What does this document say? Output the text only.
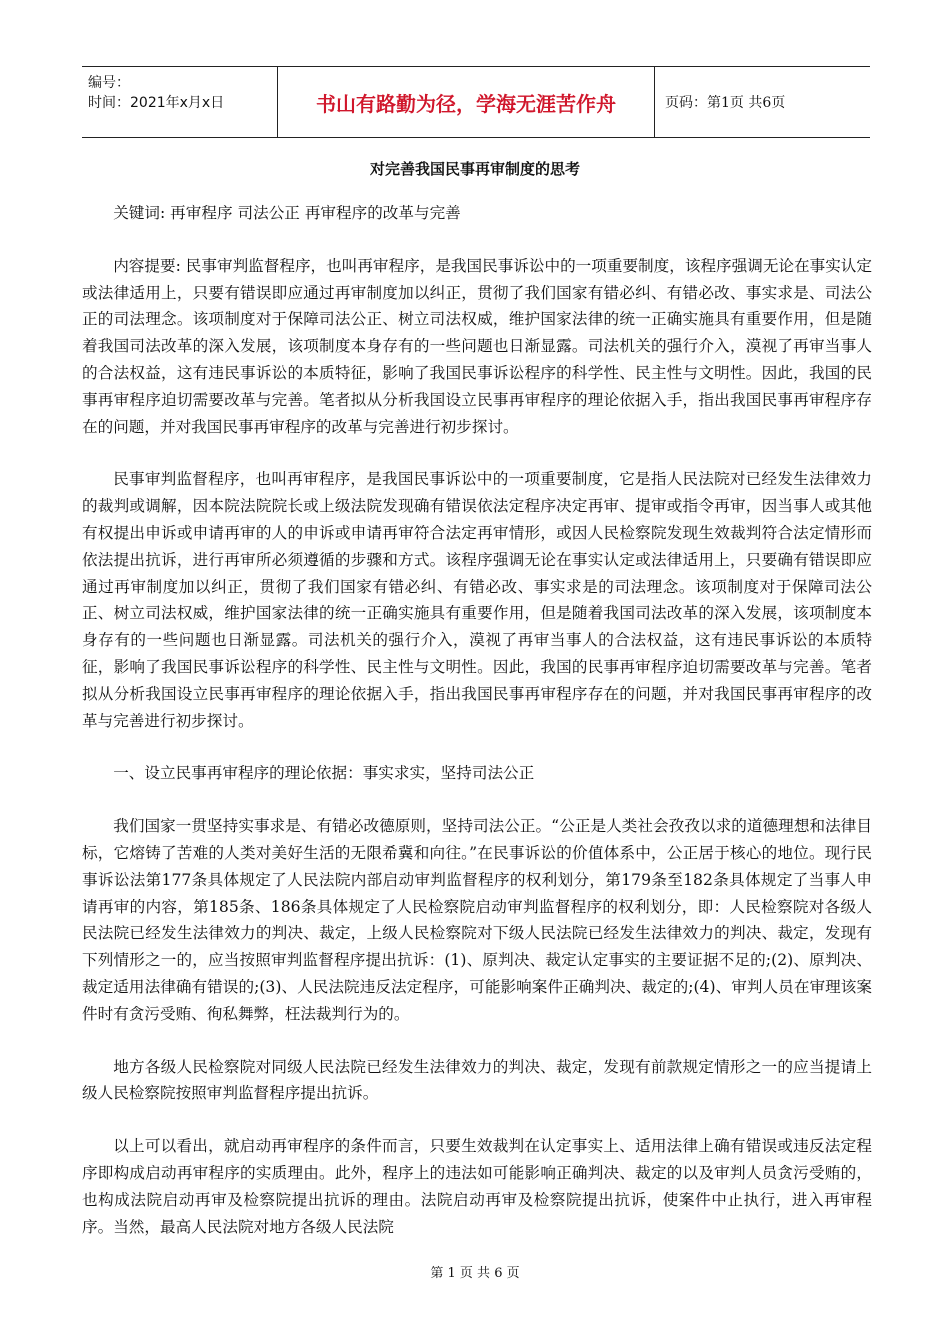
编号：
时间：2021年x月x日	书山有路勤为径，学海无涯苦作舟	页码：第1页 共6页
对完善我国民事再审制度的思考

关键词: 再审程序 司法公正 再审程序的改革与完善

内容提要: 民事审判监督程序，也叫再审程序，是我国民事诉讼中的一项重要制度，该程序强调无论在事实认定或法律适用上，只要有错误即应通过再审制度加以纠正，贯彻了我们国家有错必纠、有错必改、事实求是、司法公正的司法理念。该项制度对于保障司法公正、树立司法权威，维护国家法律的统一正确实施具有重要作用，但是随着我国司法改革的深入发展，该项制度本身存有的一些问题也日渐显露。司法机关的强行介入，漠视了再审当事人的合法权益，这有违民事诉讼的本质特征，影响了我国民事诉讼程序的科学性、民主性与文明性。因此，我国的民事再审程序迫切需要改革与完善。笔者拟从分析我国设立民事再审程序的理论依据入手，指出我国民事再审程序存在的问题，并对我国民事再审程序的改革与完善进行初步探讨。

民事审判监督程序，也叫再审程序，是我国民事诉讼中的一项重要制度，它是指人民法院对已经发生法律效力的裁判或调解，因本院法院院长或上级法院发现确有错误依法定程序决定再审、提审或指令再审，因当事人或其他有权提出申诉或申请再审的人的申诉或申请再审符合法定再审情形，或因人民检察院发现生效裁判符合法定情形而依法提出抗诉，进行再审所必须遵循的步骤和方式。该程序强调无论在事实认定或法律适用上，只要确有错误即应通过再审制度加以纠正，贯彻了我们国家有错必纠、有错必改、事实求是的司法理念。该项制度对于保障司法公正、树立司法权威，维护国家法律的统一正确实施具有重要作用，但是随着我国司法改革的深入发展，该项制度本身存有的一些问题也日渐显露。司法机关的强行介入，漠视了再审当事人的合法权益，这有违民事诉讼的本质特征，影响了我国民事诉讼程序的科学性、民主性与文明性。因此，我国的民事再审程序迫切需要改革与完善。笔者拟从分析我国设立民事再审程序的理论依据入手，指出我国民事再审程序存在的问题，并对我国民事再审程序的改革与完善进行初步探讨。

一、设立民事再审程序的理论依据：事实求实，坚持司法公正

我们国家一贯坚持实事求是、有错必改德原则，坚持司法公正。“公正是人类社会孜孜以求的道德理想和法律目标，它熔铸了苦难的人类对美好生活的无限希冀和向往。”在民事诉讼的价值体系中，公正居于核心的地位。现行民事诉讼法第177条具体规定了人民法院内部启动审判监督程序的权利划分，第179条至182条具体规定了当事人申请再审的内容，第185条、186条具体规定了人民检察院启动审判监督程序的权利划分，即：人民检察院对各级人民法院已经发生法律效力的判决、裁定，上级人民检察院对下级人民法院已经发生法律效力的判决、裁定，发现有下列情形之一的，应当按照审判监督程序提出抗诉：(1)、原判决、裁定认定事实的主要证据不足的;(2)、原判决、裁定适用法律确有错误的;(3)、人民法院违反法定程序，可能影响案件正确判决、裁定的;(4)、审判人员在审理该案件时有贪污受贿、徇私舞弊，枉法裁判行为的。

地方各级人民检察院对同级人民法院已经发生法律效力的判决、裁定，发现有前款规定情形之一的应当提请上级人民检察院按照审判监督程序提出抗诉。

以上可以看出，就启动再审程序的条件而言，只要生效裁判在认定事实上、适用法律上确有错误或违反法定程序即构成启动再审程序的实质理由。此外，程序上的违法如可能影响正确判决、裁定的以及审判人员贪污受贿的，也构成法院启动再审及检察院提出抗诉的理由。法院启动再审及检察院提出抗诉，使案件中止执行，进入再审程序。当然，最高人民法院对地方各级人民法院

第 1 页 共 6 页
